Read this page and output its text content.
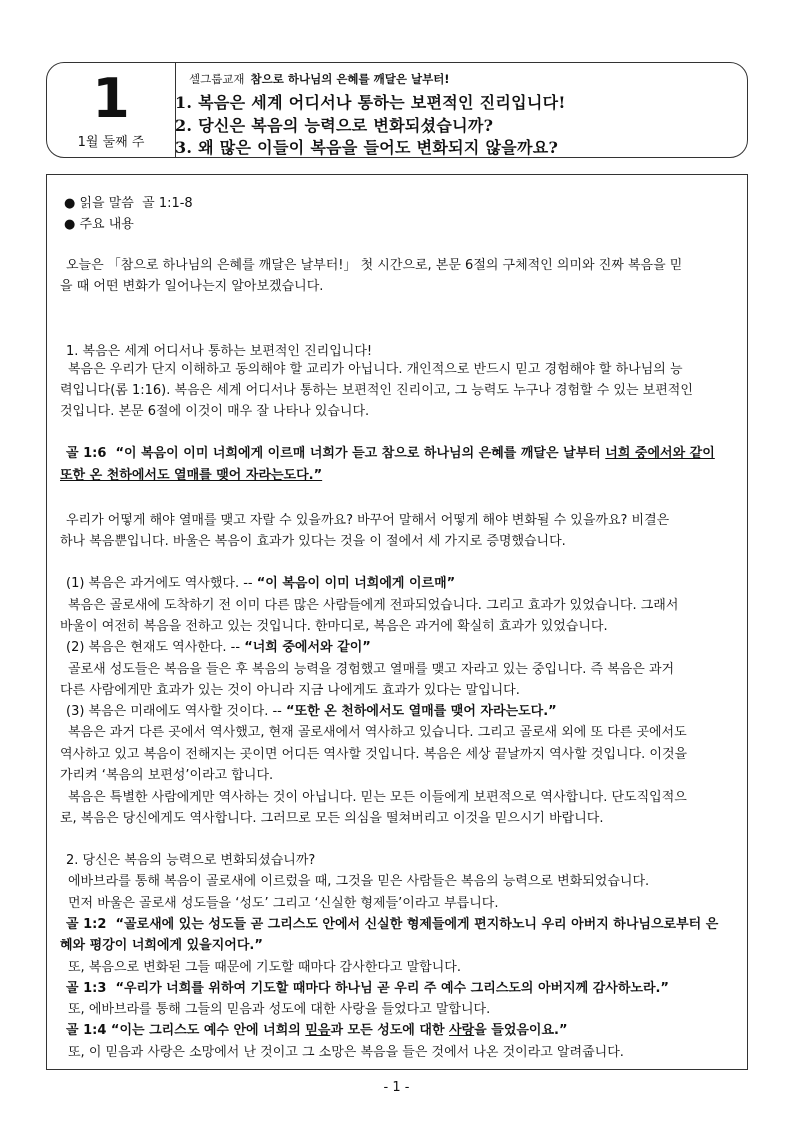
1
1월 둘째 주
셀그룹교재 참으로 하나님의 은혜를 깨달은 날부터!
1. 복음은 세계 어디서나 통하는 보편적인 진리입니다!
2. 당신은 복음의 능력으로 변화되셨습니까?
3. 왜 많은 이들이 복음을 들어도 변화되지 않을까요?
● 읽을 말씀 골 1:1-8
● 주요 내용
오늘은 「참으로 하나님의 은혜를 깨달은 날부터!」 첫 시간으로, 본문 6절의 구체적인 의미와 진짜 복음을 믿
을 때 어떤 변화가 일어나는지 알아보겠습니다.
1. 복음은 세계 어디서나 통하는 보편적인 진리입니다!
복음은 우리가 단지 이해하고 동의해야 할 교리가 아닙니다. 개인적으로 반드시 믿고 경험해야 할 하나님의 능
력입니다(롬 1:16). 복음은 세계 어디서나 통하는 보편적인 진리이고, 그 능력도 누구나 경험할 수 있는 보편적인
것입니다. 본문 6절에 이것이 매우 잘 나타나 있습니다.
골 1:6 “이 복음이 이미 너희에게 이르매 너희가 듣고 참으로 하나님의 은혜를 깨달은 날부터 너희 중에서와 같이
또한 온 천하에서도 열매를 맺어 자라는도다.”
우리가 어떻게 해야 열매를 맺고 자랄 수 있을까요? 바꾸어 말해서 어떻게 해야 변화될 수 있을까요? 비결은
하나 복음뿐입니다. 바울은 복음이 효과가 있다는 것을 이 절에서 세 가지로 증명했습니다.
(1) 복음은 과거에도 역사했다. -- “이 복음이 이미 너희에게 이르매”
복음은 골로새에 도착하기 전 이미 다른 많은 사람들에게 전파되었습니다. 그리고 효과가 있었습니다. 그래서
바울이 여전히 복음을 전하고 있는 것입니다. 한마디로, 복음은 과거에 확실히 효과가 있었습니다.
(2) 복음은 현재도 역사한다. -- “너희 중에서와 같이”
골로새 성도들은 복음을 들은 후 복음의 능력을 경험했고 열매를 맺고 자라고 있는 중입니다. 즉 복음은 과거
다른 사람에게만 효과가 있는 것이 아니라 지금 나에게도 효과가 있다는 말입니다.
(3) 복음은 미래에도 역사할 것이다. -- “또한 온 천하에서도 열매를 맺어 자라는도다.”
복음은 과거 다른 곳에서 역사했고, 현재 골로새에서 역사하고 있습니다. 그리고 골로새 외에 또 다른 곳에서도
역사하고 있고 복음이 전해지는 곳이면 어디든 역사할 것입니다. 복음은 세상 끝날까지 역사할 것입니다. 이것을
가리켜 ‘복음의 보편성’이라고 합니다.
복음은 특별한 사람에게만 역사하는 것이 아닙니다. 믿는 모든 이들에게 보편적으로 역사합니다. 단도직입적으
로, 복음은 당신에게도 역사합니다. 그러므로 모든 의심을 떨쳐버리고 이것을 믿으시기 바랍니다.
2. 당신은 복음의 능력으로 변화되셨습니까?
에바브라를 통해 복음이 골로새에 이르렀을 때, 그것을 믿은 사람들은 복음의 능력으로 변화되었습니다.
먼저 바울은 골로새 성도들을 ‘성도’ 그리고 ‘신실한 형제들’이라고 부릅니다.
골 1:2 “골로새에 있는 성도들 곧 그리스도 안에서 신실한 형제들에게 편지하노니 우리 아버지 하나님으로부터 은
혜와 평강이 너희에게 있을지어다.”
또, 복음으로 변화된 그들 때문에 기도할 때마다 감사한다고 말합니다.
골 1:3 “우리가 너희를 위하여 기도할 때마다 하나님 곧 우리 주 예수 그리스도의 아버지께 감사하노라.”
또, 에바브라를 통해 그들의 믿음과 성도에 대한 사랑을 들었다고 말합니다.
골 1:4 “이는 그리스도 예수 안에 너희의 믿음과 모든 성도에 대한 사랑을 들었음이요.”
또, 이 믿음과 사랑은 소망에서 난 것이고 그 소망은 복음을 들은 것에서 나온 것이라고 알려줍니다.
- 1 -
